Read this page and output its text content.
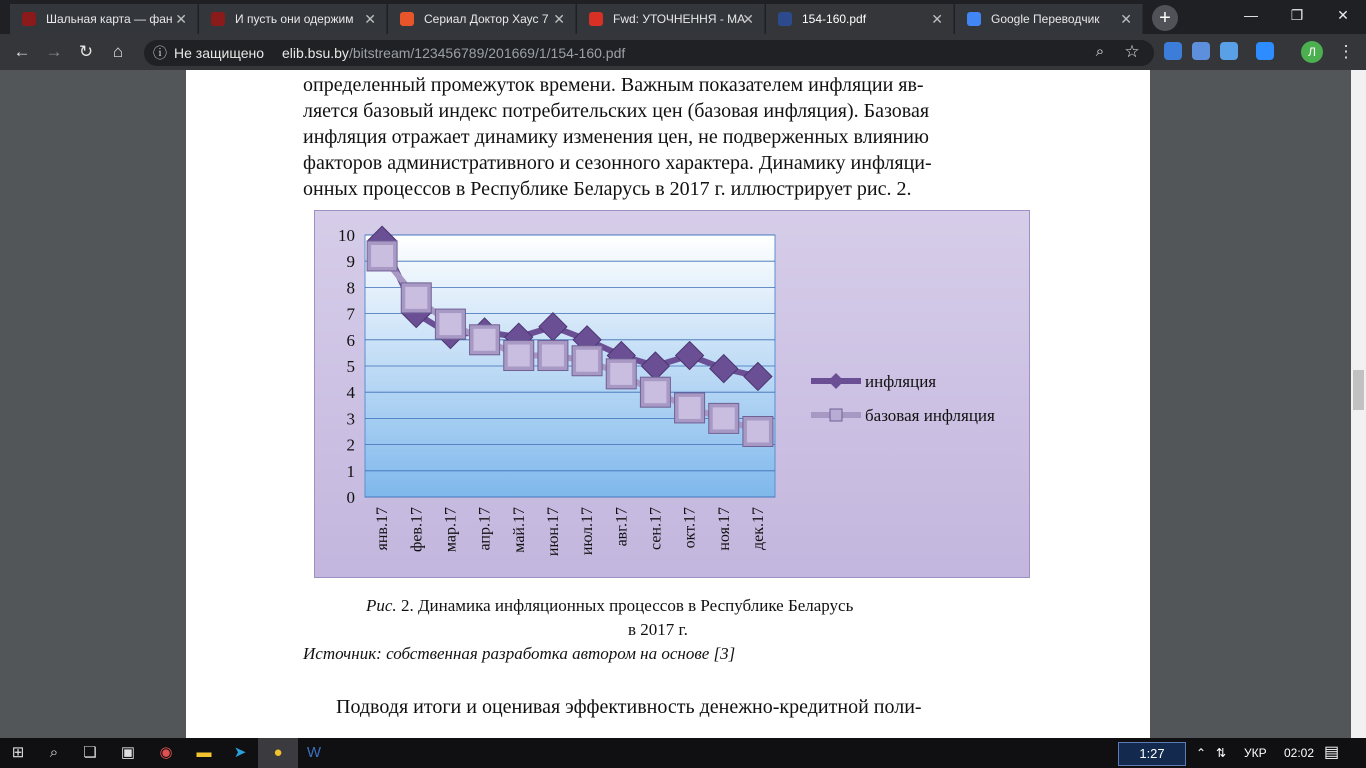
Шальная карта — фан ✕	И пусть они одержим ✕	Сериал Доктор Хаус 7 ✕	Fwd: УТОЧНЕННЯ - МА
✕	154-160.pdf	✕	Google Переводчик ✕	+	—	❐	✕
← → ↻ ⌂	ⓘ Не защищено elib.bsu.by/bitstream/123456789/201669/1/154-160.pdf	⌕	☆	Л	⋮
определенный промежуток времени. Важным показателем инфляции яв-
ляется базовый индекс потребительских цен (базовая инфляция). Базовая
инфляция отражает динамику изменения цен, не подверженных влиянию
факторов административного и сезонного характера. Динамику инфляци-
онных процессов в Республике Беларусь в 2017 г. иллюстрирует рис. 2.
0
1
2
3
4
5
6
7
8
9
10
янв.17 фев.17 мар.17 апр.17 май.17 июн.17 июл.17 авг.17 сен.17 окт.17 ноя.17 дек.17
инфляция
базовая инфляция
Рис. 2. Динамика инфляционных процессов в Республике Беларусь
в 2017 г.
Источник: собственная разработка автором на основе [3]
Подводя итоги и оценивая эффективность денежно-кредитной поли-
⊞	⌕	❏ ▣ ◉ ▬ ➤	●	W	1:27	⌃ ⇅ УКР 02:02 ▤
